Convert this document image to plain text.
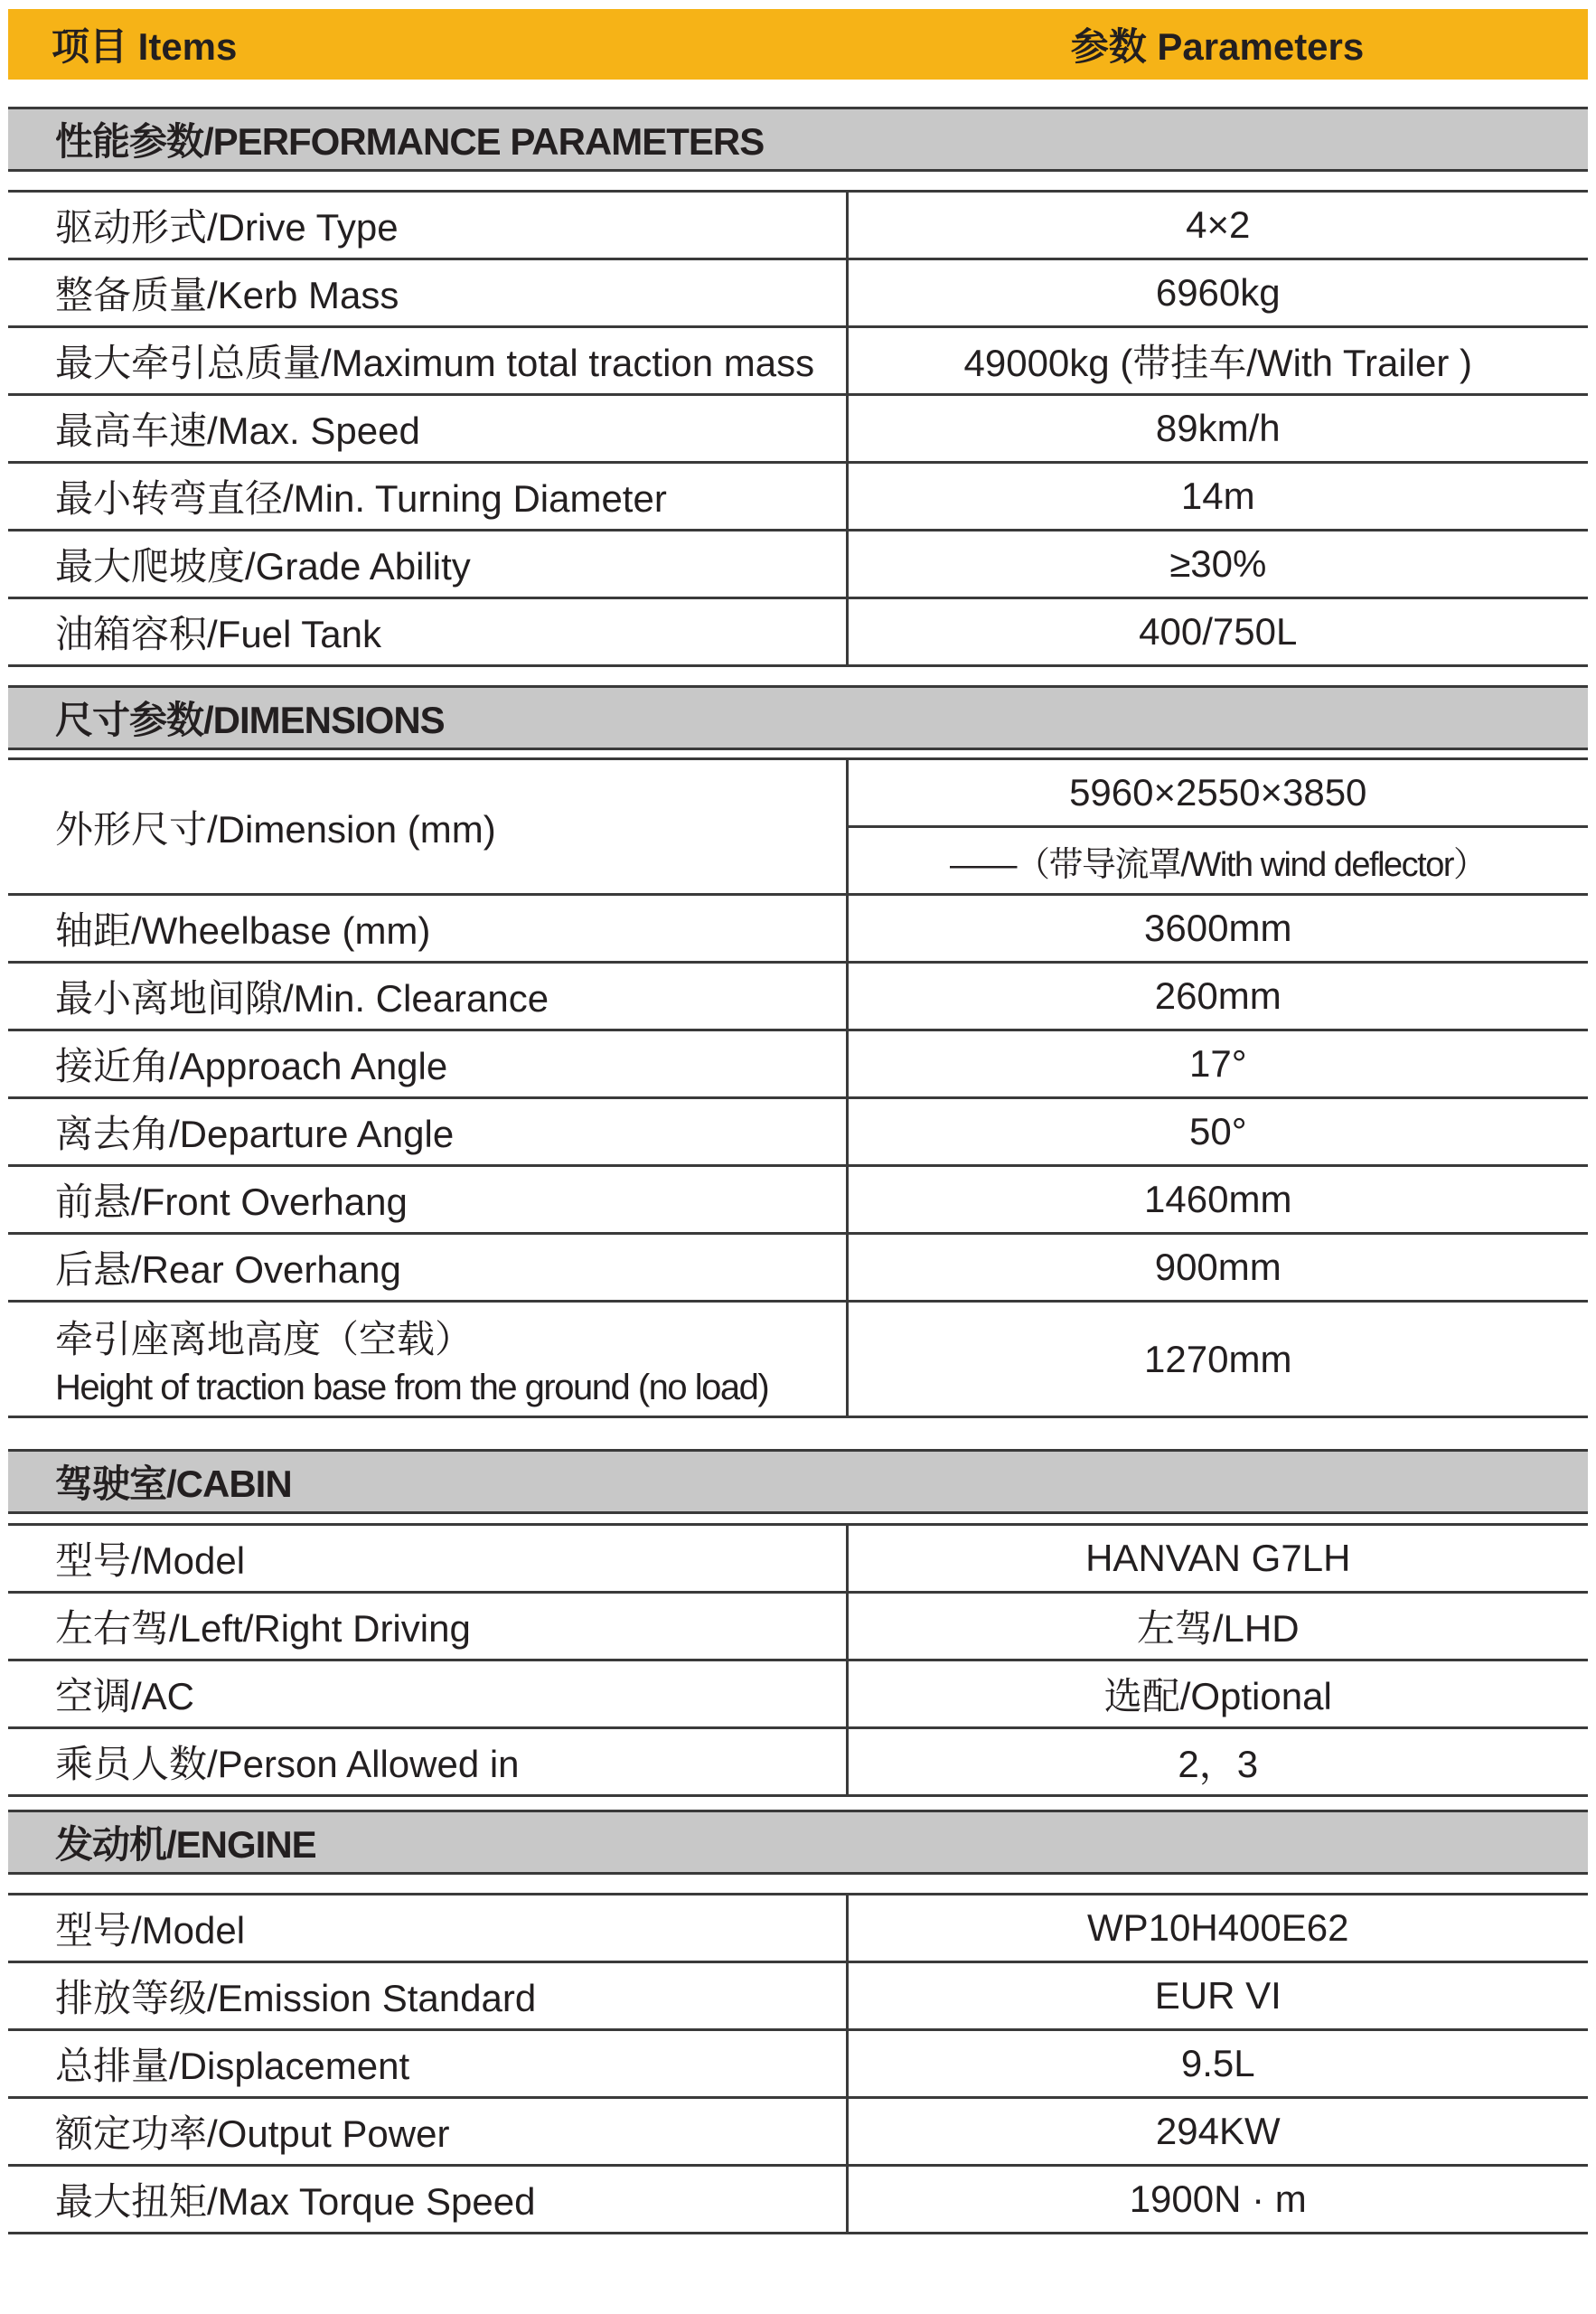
项目 Items	参数 Parameters
性能参数/PERFORMANCE PARAMETERS
驱动形式/Drive Type	4×2
整备质量/Kerb Mass	6960kg
最大牵引总质量/Maximum total traction mass	49000kg (带挂车/With Trailer )
最高车速/Max. Speed	89km/h
最小转弯直径/Min. Turning Diameter	14m
最大爬坡度/Grade Ability	≥30%
油箱容积/Fuel Tank	400/750L
尺寸参数/DIMENSIONS
外形尺寸/Dimension (mm)	5960×2550×3850
——（带导流罩/With wind deflector）

轴距/Wheelbase (mm)	3600mm
最小离地间隙/Min. Clearance	260mm
接近角/Approach Angle	17°
离去角/Departure Angle	50°
前悬/Front Overhang	1460mm
后悬/Rear Overhang	900mm
牵引座离地高度（空载）
Height of traction base from the ground (no load)	1270mm
驾驶室/CABIN
型号/Model	HANVAN G7LH
左右驾/Left/Right Driving	左驾/LHD
空调/AC	选配/Optional
乘员人数/Person Allowed in	2，3
发动机/ENGINE
型号/Model	WP10H400E62
排放等级/Emission Standard	EUR VI
总排量/Displacement	9.5L
额定功率/Output Power	294KW
最大扭矩/Max Torque Speed	1900N · m
